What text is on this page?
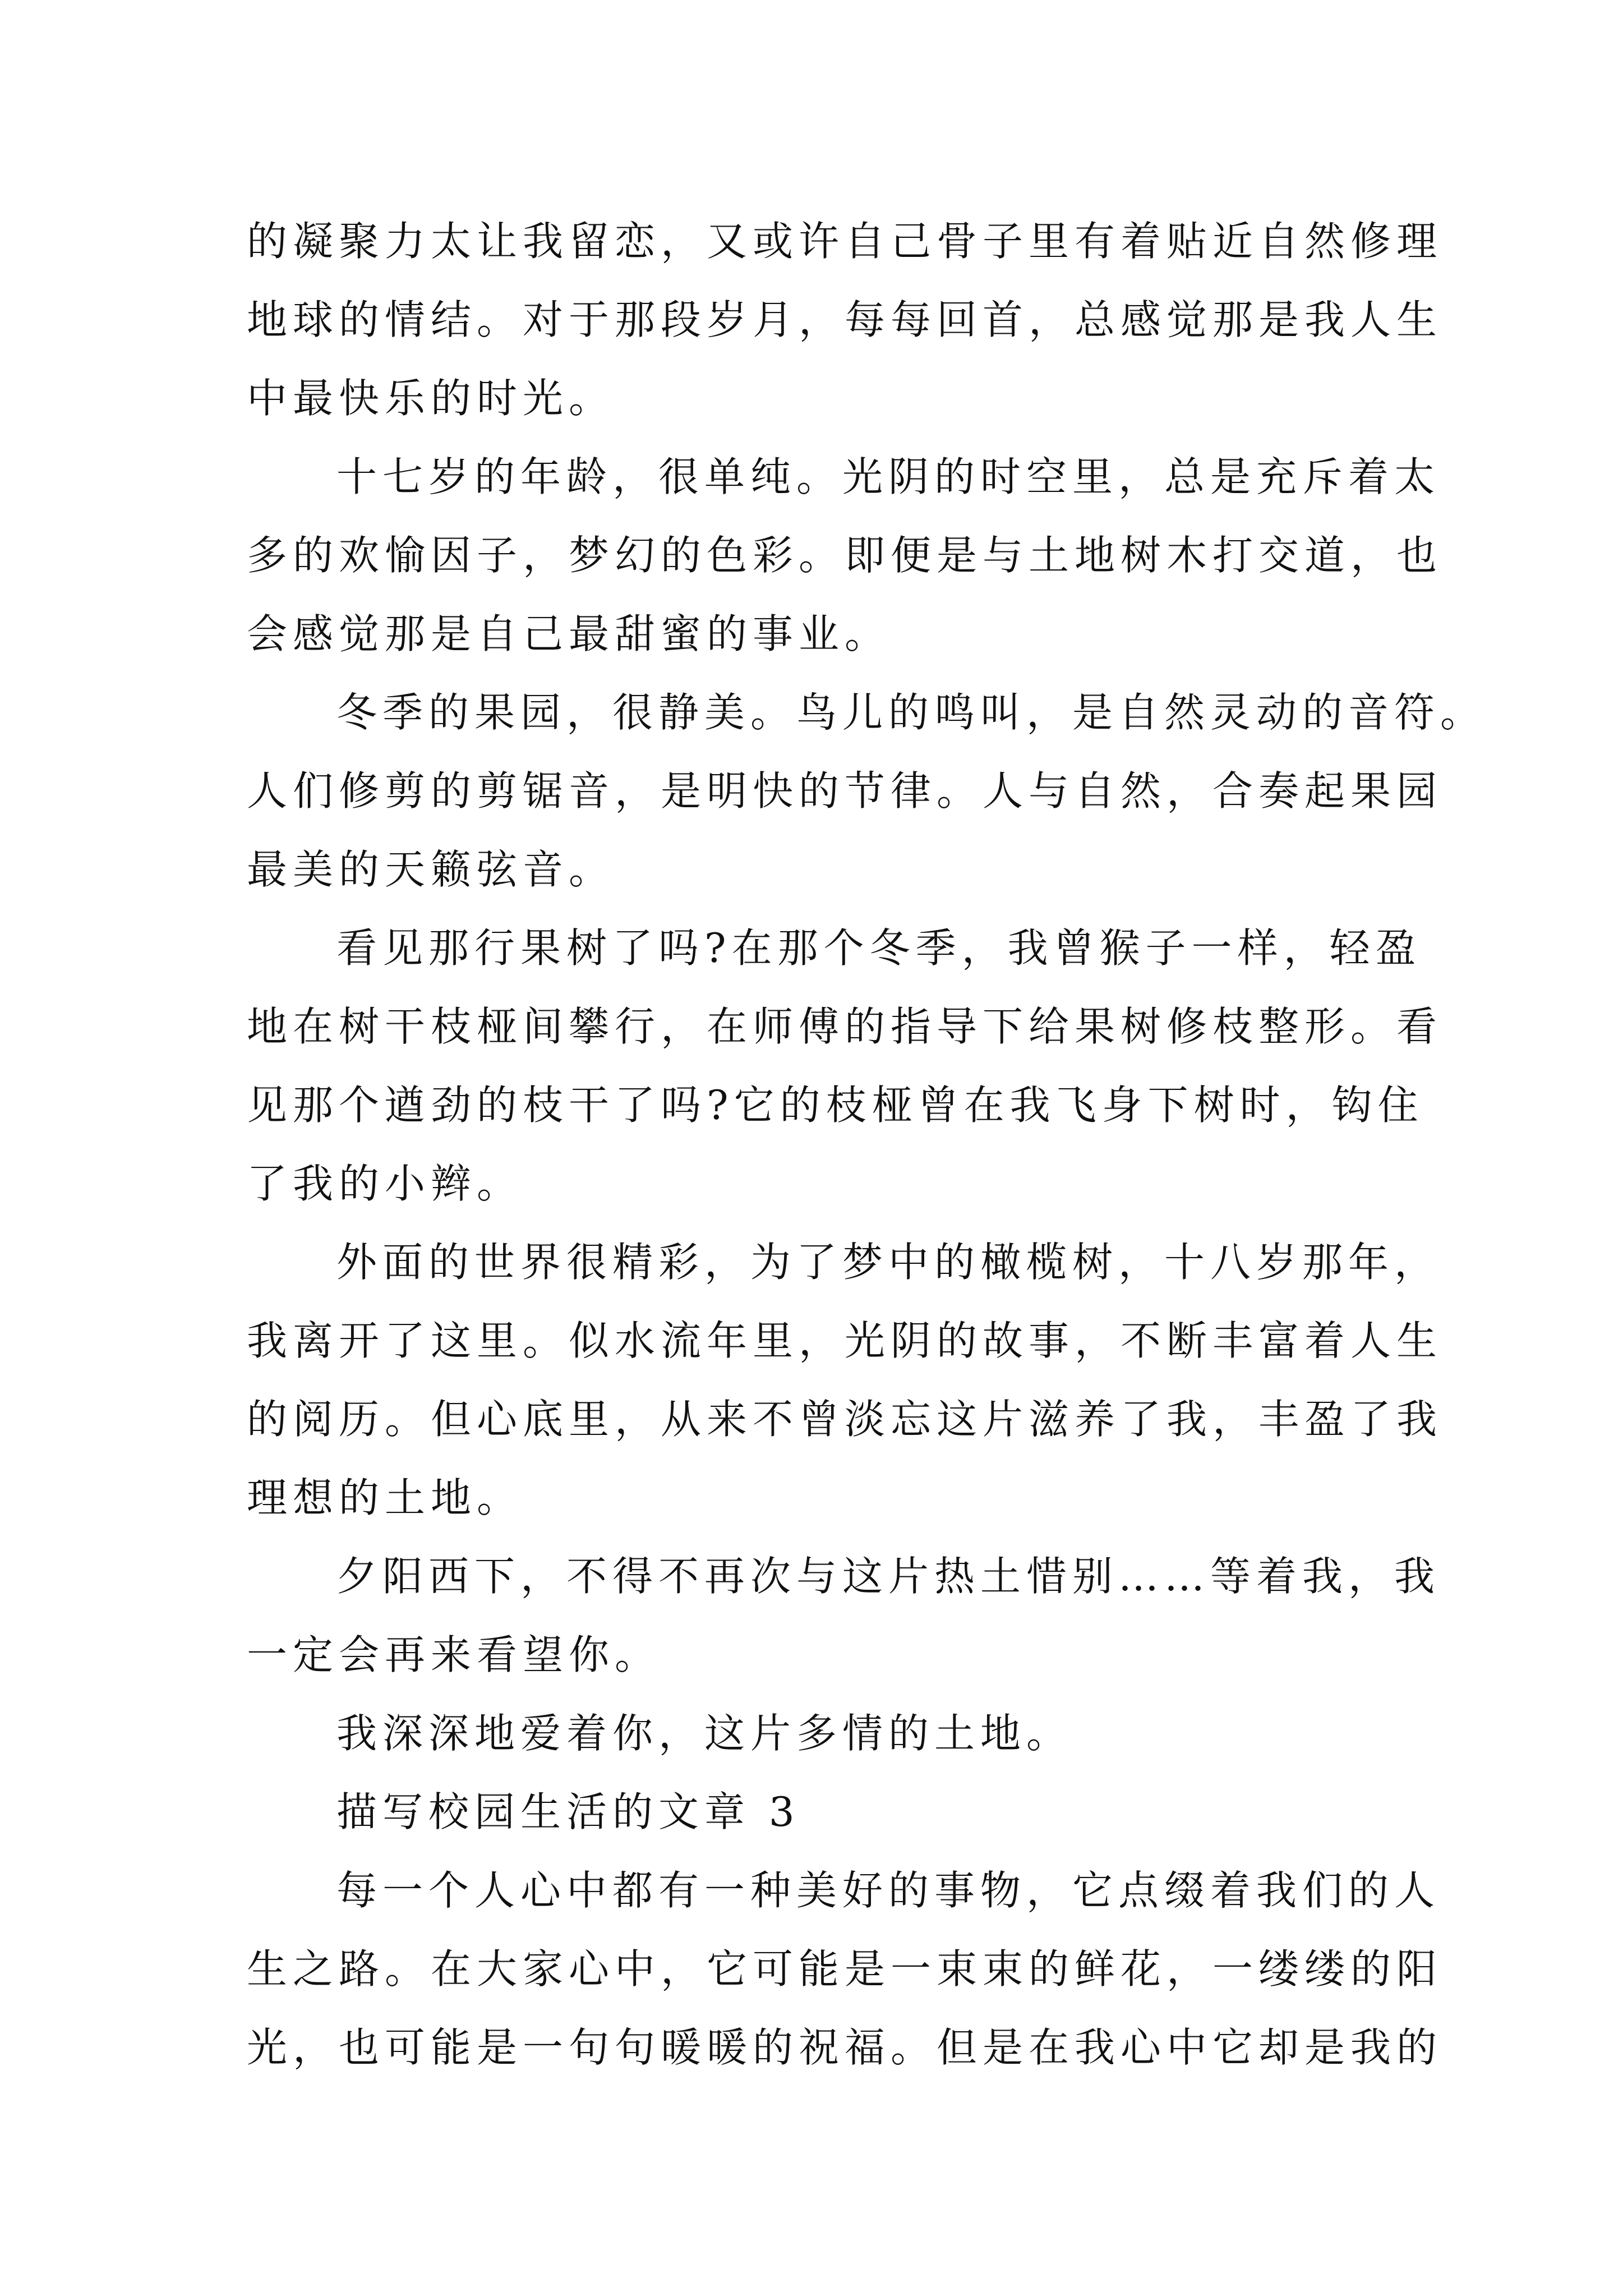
的凝聚力太让我留恋，又或许自己骨子里有着贴近自然修理
地球的情结。对于那段岁月，每每回首，总感觉那是我人生
中最快乐的时光。
十七岁的年龄，很单纯。光阴的时空里，总是充斥着太
多的欢愉因子，梦幻的色彩。即便是与土地树木打交道，也
会感觉那是自己最甜蜜的事业。
冬季的果园，很静美。鸟儿的鸣叫，是自然灵动的音符。
人们修剪的剪锯音，是明快的节律。人与自然，合奏起果园
最美的天籁弦音。
看见那行果树了吗?在那个冬季，我曾猴子一样，轻盈
地在树干枝桠间攀行，在师傅的指导下给果树修枝整形。看
见那个遒劲的枝干了吗?它的枝桠曾在我飞身下树时，钩住
了我的小辫。
外面的世界很精彩，为了梦中的橄榄树，十八岁那年，
我离开了这里。似水流年里，光阴的故事，不断丰富着人生
的阅历。但心底里，从来不曾淡忘这片滋养了我，丰盈了我
理想的土地。
夕阳西下，不得不再次与这片热土惜别……等着我，我
一定会再来看望你。
我深深地爱着你，这片多情的土地。
描写校园生活的文章 3
每一个人心中都有一种美好的事物，它点缀着我们的人
生之路。在大家心中，它可能是一束束的鲜花，一缕缕的阳
光，也可能是一句句暖暖的祝福。但是在我心中它却是我的
